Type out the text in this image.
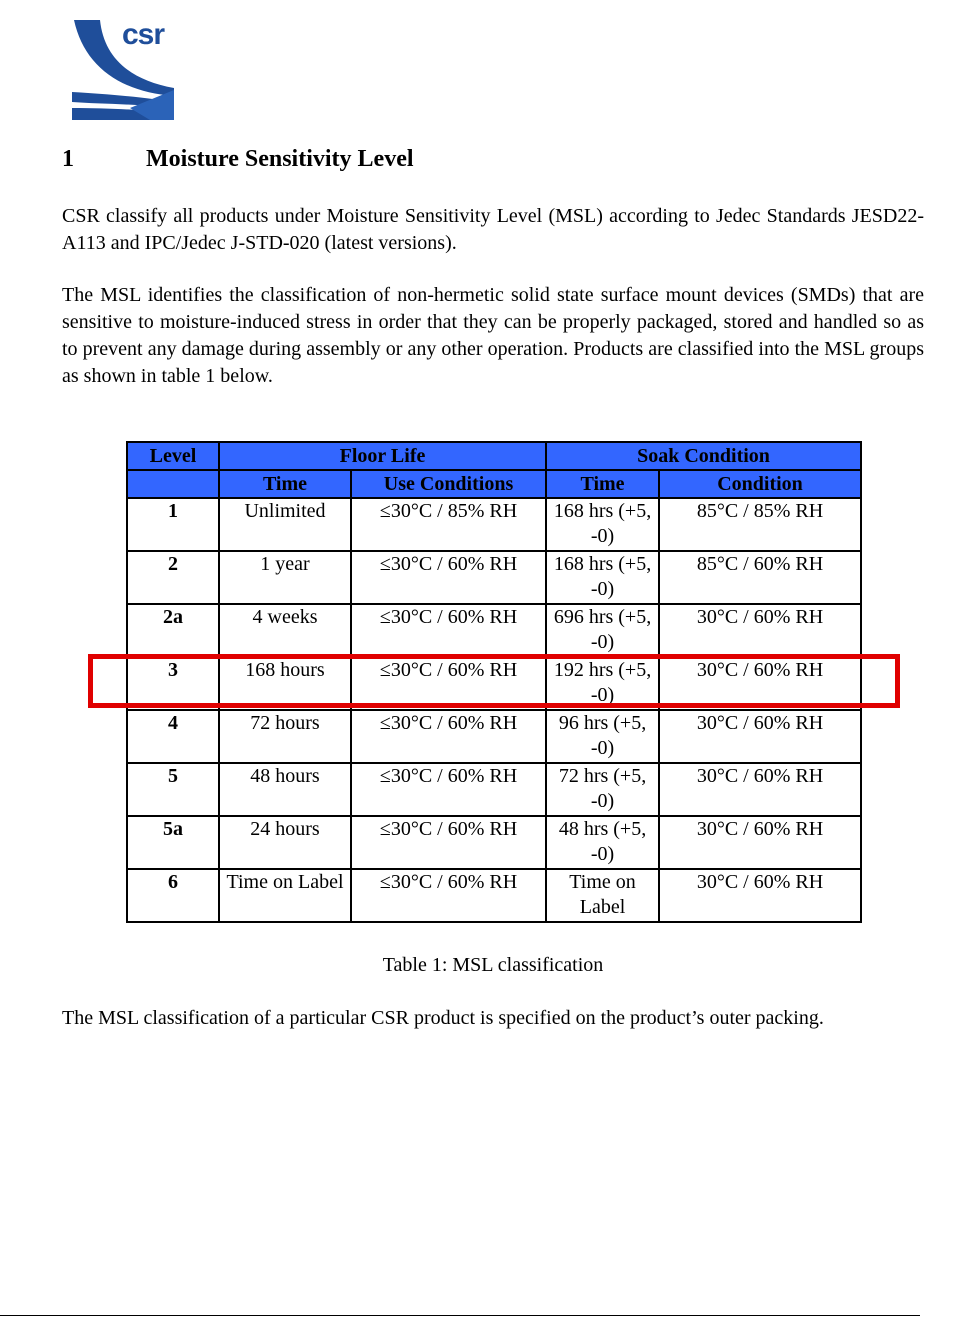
csr
1	Moisture Sensitivity Level

CSR classify all products under Moisture Sensitivity Level (MSL) according to Jedec Standards JESD22-A113 and IPC/Jedec J-STD-020 (latest versions).

The MSL identifies the classification of non-hermetic solid state surface mount devices (SMDs) that are sensitive to moisture-induced stress in order that they can be properly packaged, stored and handled so as to prevent any damage during assembly or any other operation. Products are classified into the MSL groups as shown in table 1 below.

Level	Floor Life		Soak Condition	
	Time	Use Conditions	Time	Condition
1	Unlimited	≤30°C / 85% RH	168 hrs (+5, -0)	85°C / 85% RH
2	1 year	≤30°C / 60% RH	168 hrs (+5, -0)	85°C / 60% RH
2a	4 weeks	≤30°C / 60% RH	696 hrs (+5, -0)	30°C / 60% RH
3	168 hours	≤30°C / 60% RH	192 hrs (+5, -0)	30°C / 60% RH
4	72 hours	≤30°C / 60% RH	96 hrs (+5, -0)	30°C / 60% RH
5	48 hours	≤30°C / 60% RH	72 hrs (+5, -0)	30°C / 60% RH
5a	24 hours	≤30°C / 60% RH	48 hrs (+5, -0)	30°C / 60% RH
6	Time on Label	≤30°C / 60% RH	Time on Label	30°C / 60% RH
Table 1: MSL classification

The MSL classification of a particular CSR product is specified on the product’s outer packing.
